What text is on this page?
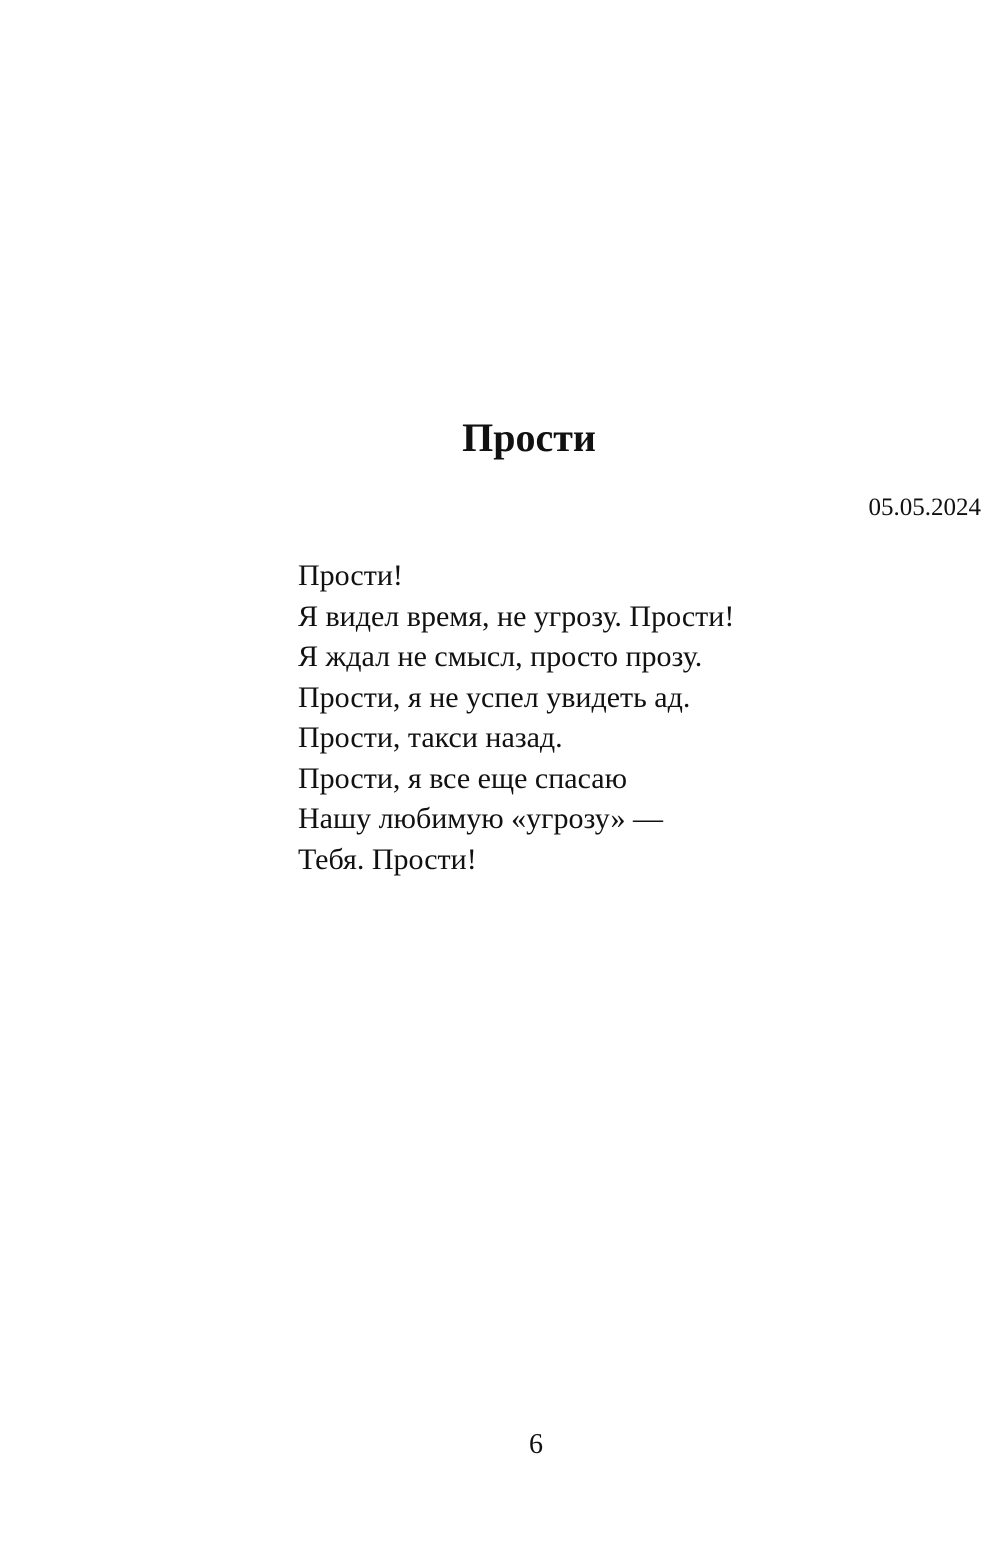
Прости
05.05.2024
Прости!
Я видел время, не угрозу. Прости!
Я ждал не смысл, просто прозу.
Прости, я не успел увидеть ад.
Прости, такси назад.
Прости, я все еще спасаю
Нашу любимую «угрозу» —
Тебя. Прости!
6
